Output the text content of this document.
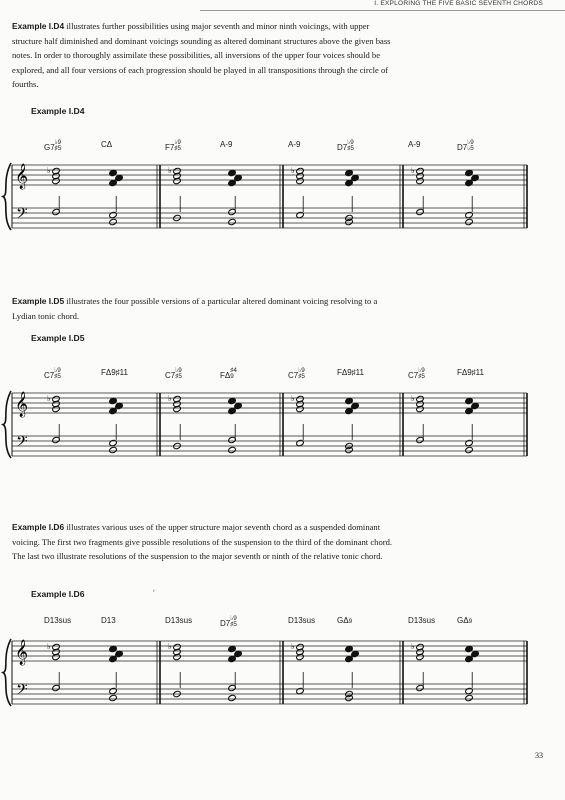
I. EXPLORING THE FIVE BASIC SEVENTH CHORDS

Example I.D4 illustrates further possibilities using major seventh and minor ninth voicings, with upper structure half diminished and dominant voicings sounding as altered dominant structures above the given bass notes. In order to thoroughly assimilate these possibilities, all inversions of the upper four voices should be explored, and all four versions of each progression should be played in all transpositions through the circle of fourths.

Example I.D4
𝄞
𝄢
♭	♭	♭	♭
G7♭9
♯5	CΔ	F7♭9
♯5	A-9	A-9	D7♭9
♯5	A-9	D7♭9
♭5

Example I.D5 illustrates the four possible versions of a particular altered dominant voicing resolving to a Lydian tonic chord.

Example I.D5
𝄞
𝄢
♭	♭	♭	♭
C7♭9
♯5	FΔ9♯11	C7♭9
♯5	FΔ♯4
9	C7♭9
♯5	FΔ9♯11	C7♭9
♯5	FΔ9♯11

Example I.D6 illustrates various uses of the upper structure major seventh chord as a suspended dominant voicing. The first two fragments give possible resolutions of the suspension to the third of the dominant chord. The last two illustrate resolutions of the suspension to the major seventh or ninth of the relative tonic chord.

Example I.D6	ʹ
𝄞
𝄢
♭	♭	♭	♭
D13sus	D13	D13sus	D7♭9
♯5	D13sus	GΔ9	D13sus	GΔ9

33
